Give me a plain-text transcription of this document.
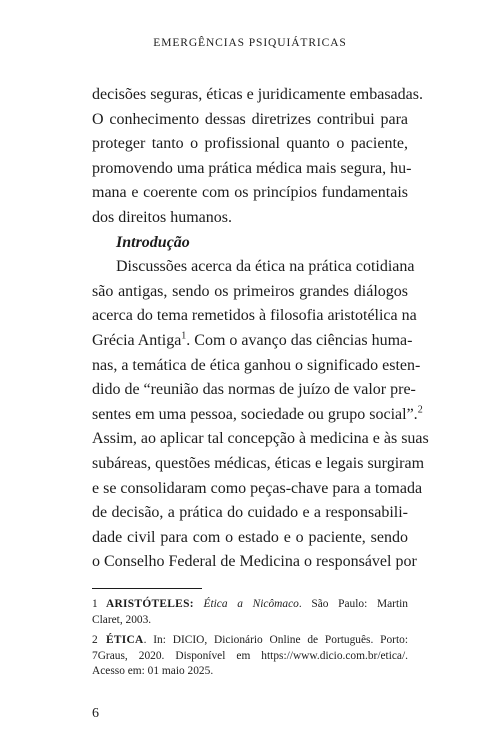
EMERGÊNCIAS PSIQUIÁTRICAS
decisões seguras, éticas e juridicamente embasadas.
O conhecimento dessas diretrizes contribui para
proteger tanto o profissional quanto o paciente,
promovendo uma prática médica mais segura, hu-
mana e coerente com os princípios fundamentais
dos direitos humanos.
Introdução
Discussões acerca da ética na prática cotidiana
são antigas, sendo os primeiros grandes diálogos
acerca do tema remetidos à filosofia aristotélica na
Grécia Antiga$^1$. Com o avanço das ciências huma-
nas, a temática de ética ganhou o significado esten-
dido de “reunião das normas de juízo de valor pre-
sentes em uma pessoa, sociedade ou grupo social”.$^2$
Assim, ao aplicar tal concepção à medicina e às suas
subáreas, questões médicas, éticas e legais surgiram
e se consolidaram como peças-chave para a tomada
de decisão, a prática do cuidado e a responsabili-
dade civil para com o estado e o paciente, sendo
o Conselho Federal de Medicina o responsável por
1 ARISTÓTELES: Ética a Nicômaco. São Paulo: Martin
Claret, 2003.
2 ÉTICA. In: DICIO, Dicionário Online de Português. Porto:
7Graus, 2020. Disponível em https://www.dicio.com.br/etica/.
Acesso em: 01 maio 2025.
6
